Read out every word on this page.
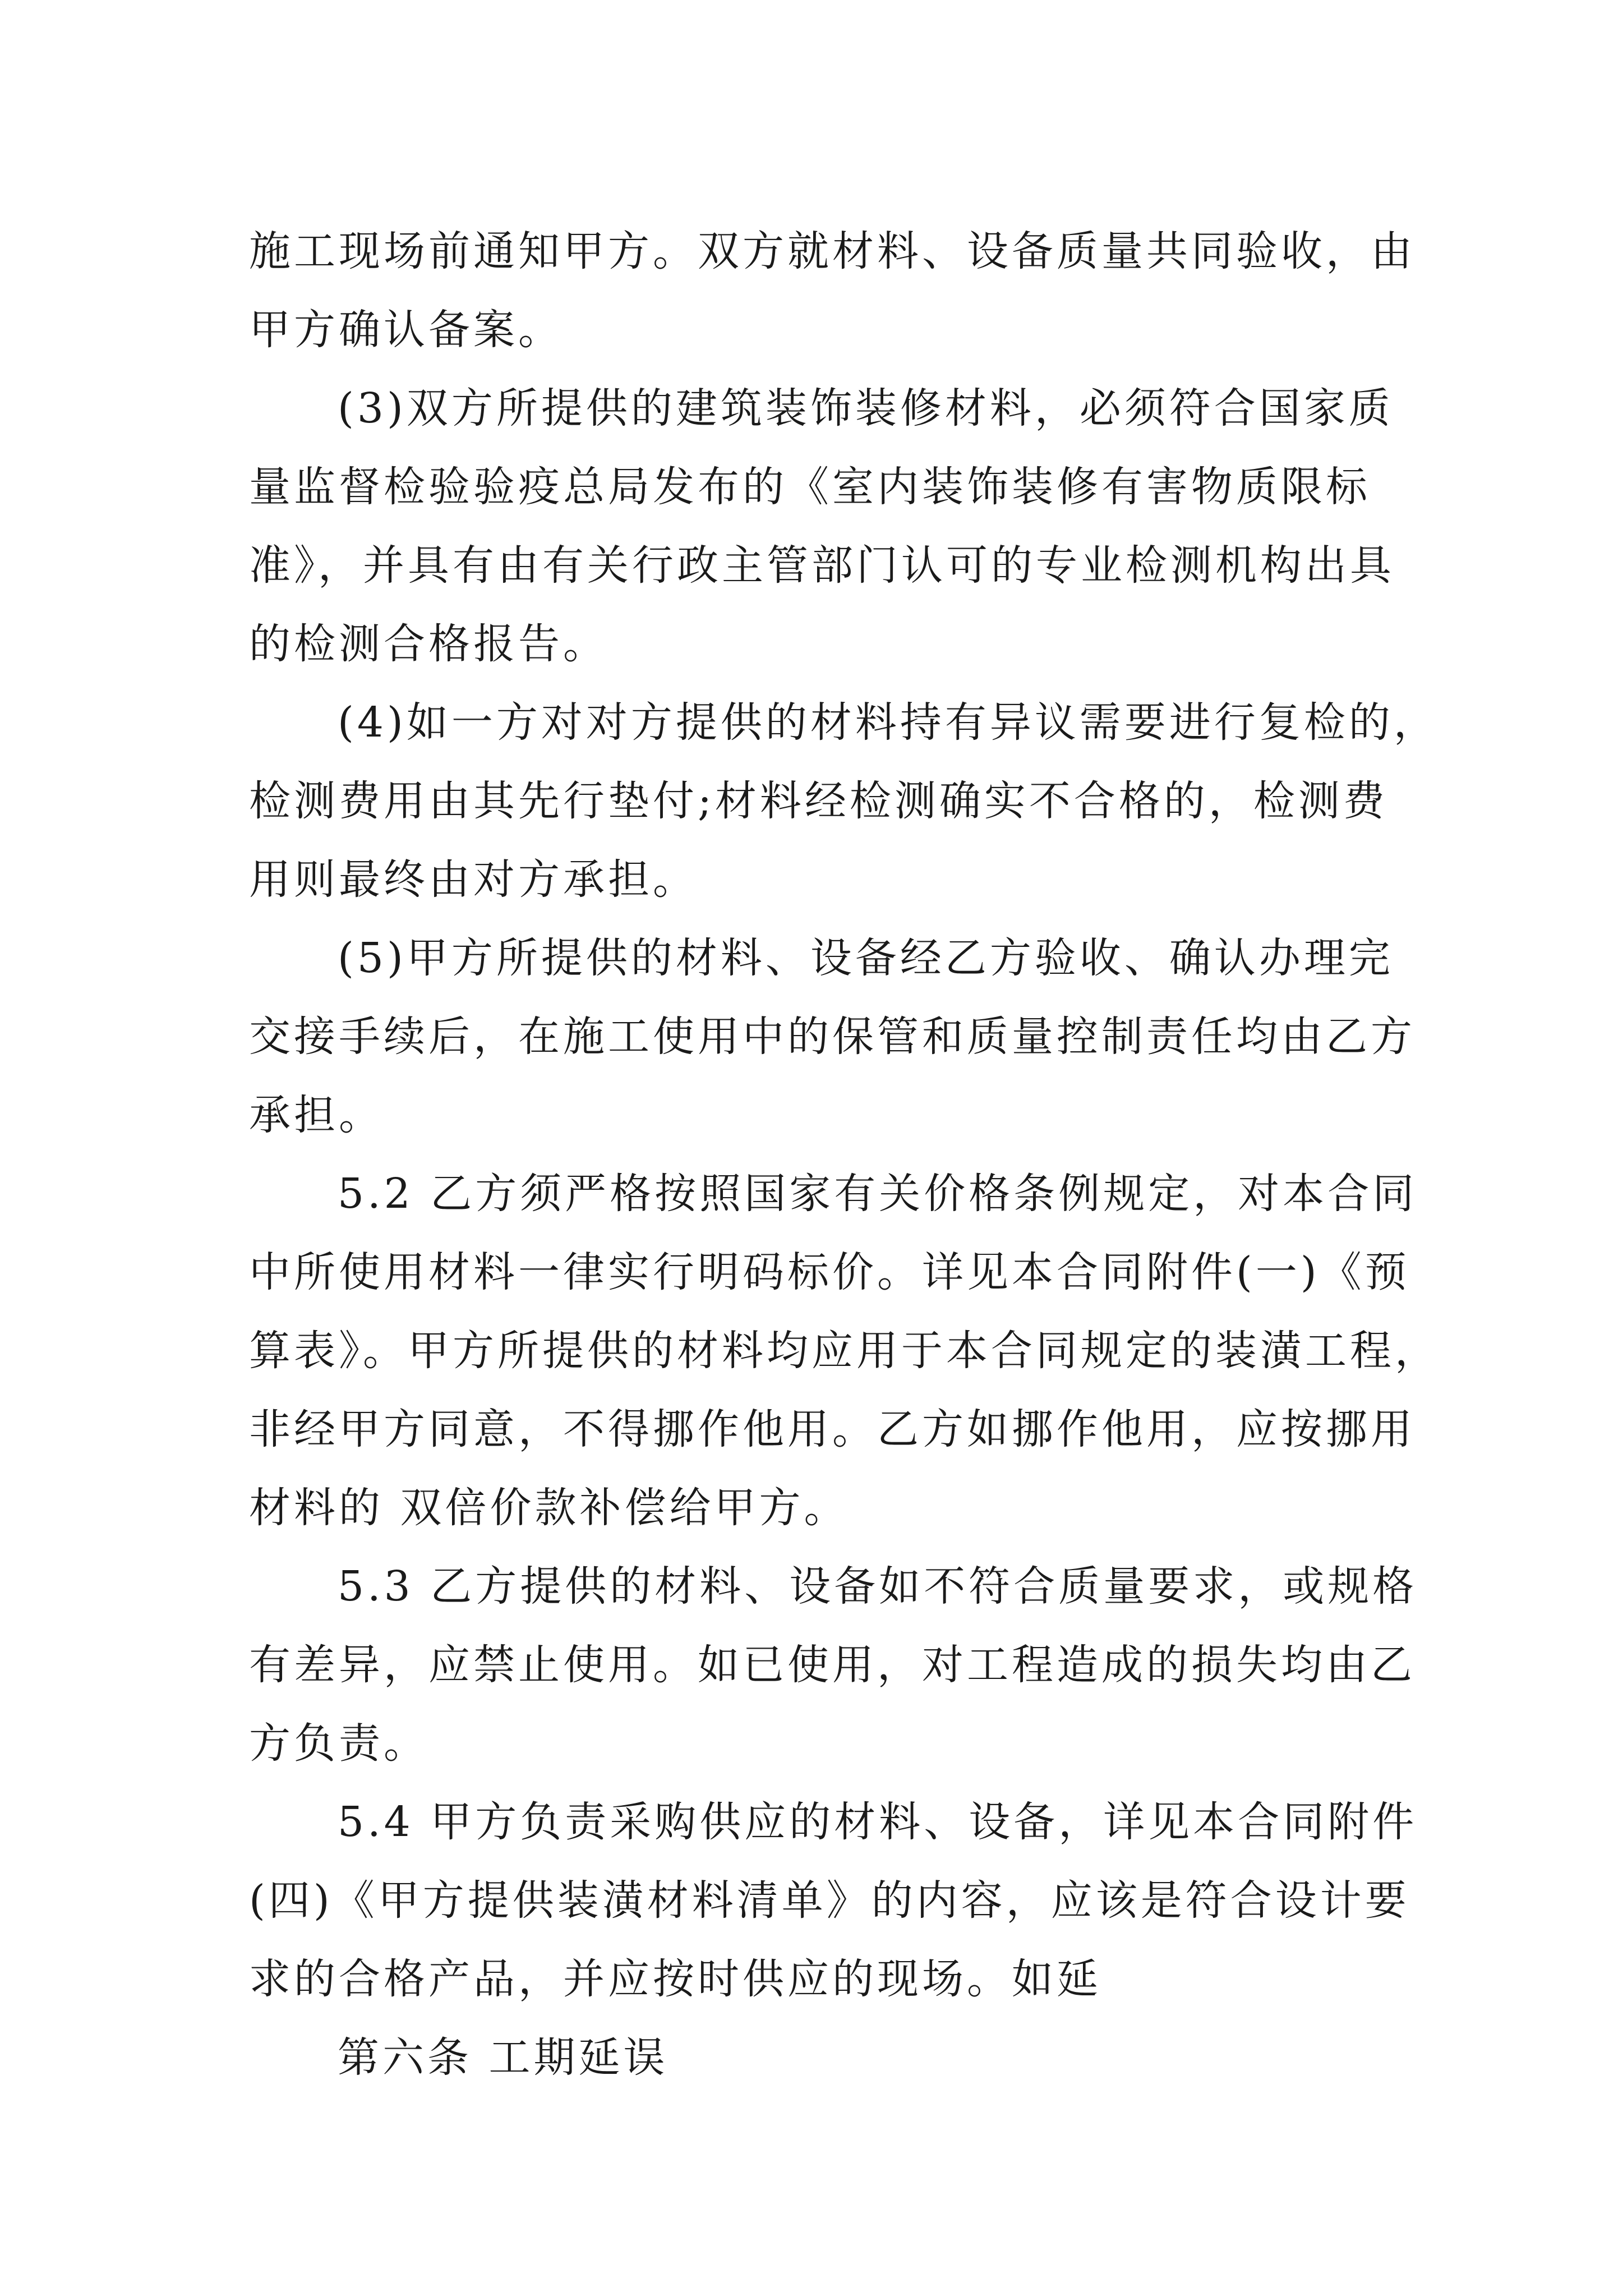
施工现场前通知甲方。双方就材料、设备质量共同验收，由
甲方确认备案。
(3)双方所提供的建筑装饰装修材料，必须符合国家质
量监督检验验疫总局发布的《室内装饰装修有害物质限标
准》，并具有由有关行政主管部门认可的专业检测机构出具
的检测合格报告。
(4)如一方对对方提供的材料持有异议需要进行复检的，
检测费用由其先行垫付;材料经检测确实不合格的，检测费
用则最终由对方承担。
(5)甲方所提供的材料、设备经乙方验收、确认办理完
交接手续后，在施工使用中的保管和质量控制责任均由乙方
承担。
5.2 乙方须严格按照国家有关价格条例规定，对本合同
中所使用材料一律实行明码标价。详见本合同附件(一)《预
算表》。甲方所提供的材料均应用于本合同规定的装潢工程，
非经甲方同意，不得挪作他用。乙方如挪作他用，应按挪用
材料的 双倍价款补偿给甲方。
5.3 乙方提供的材料、设备如不符合质量要求，或规格
有差异，应禁止使用。如已使用，对工程造成的损失均由乙
方负责。
5.4 甲方负责采购供应的材料、设备，详见本合同附件
(四)《甲方提供装潢材料清单》的内容，应该是符合设计要
求的合格产品，并应按时供应的现场。如延
第六条 工期延误
